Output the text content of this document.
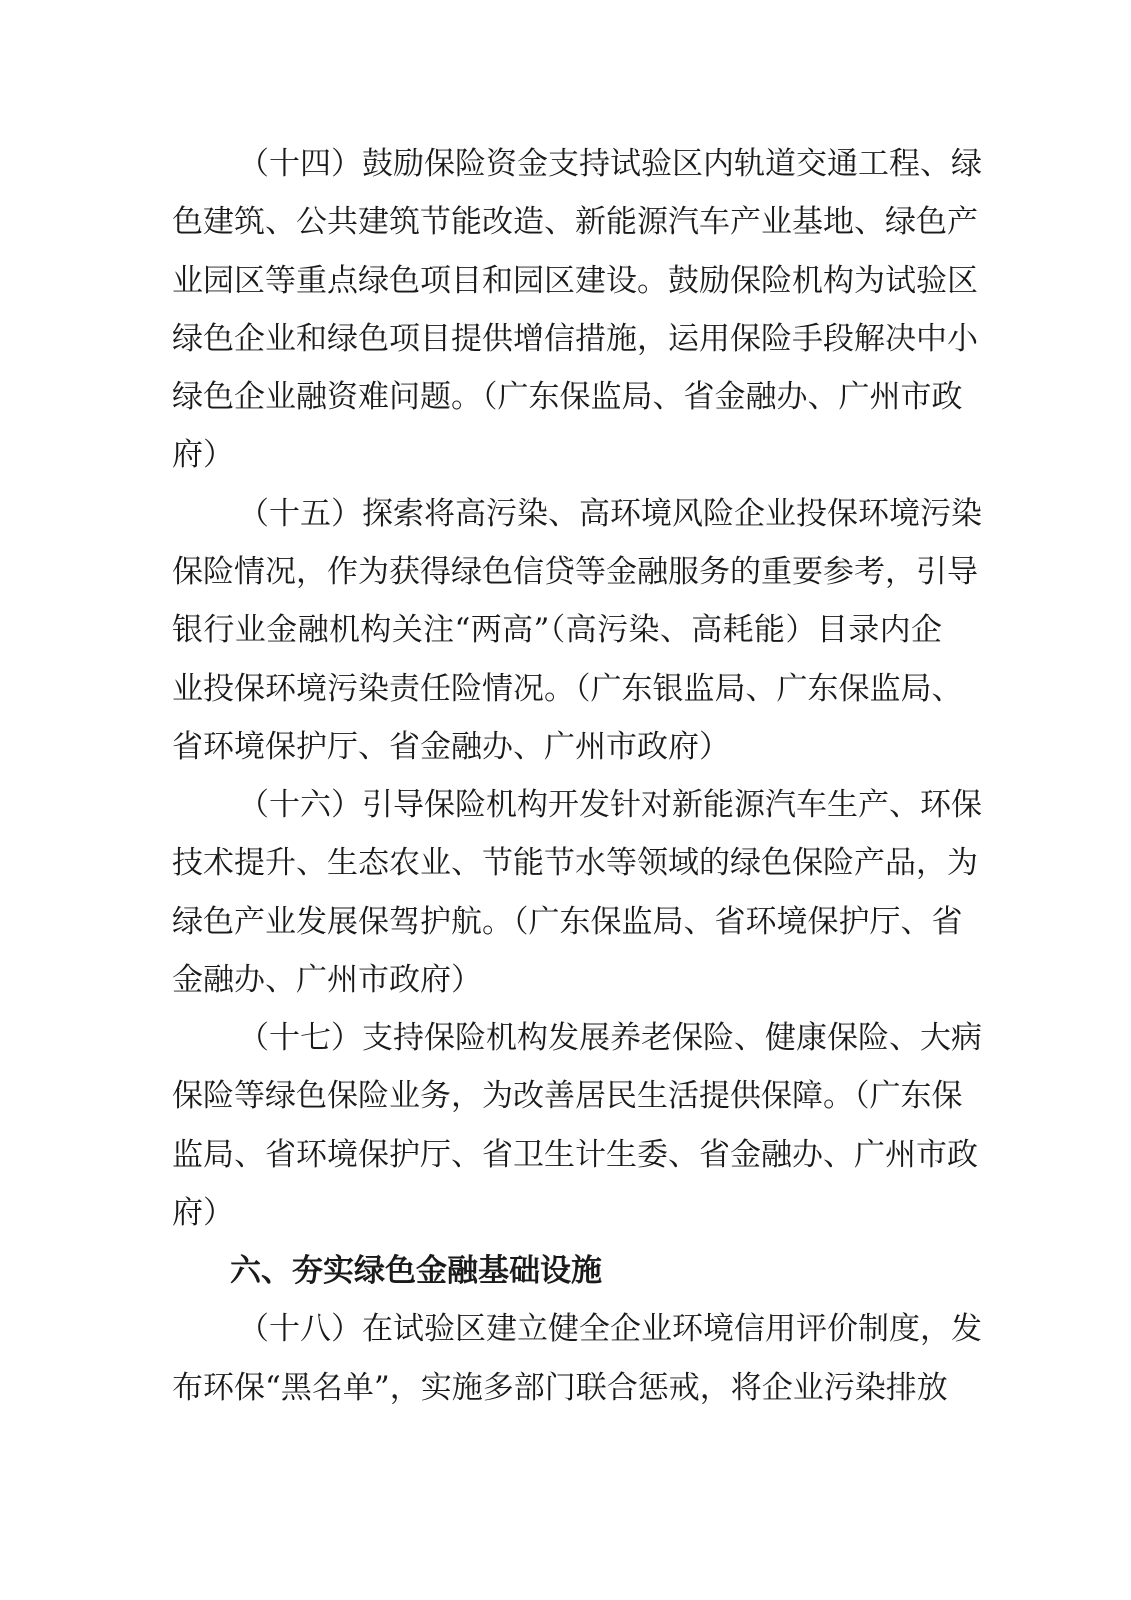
（十四）鼓励保险资金支持试验区内轨道交通工程、绿
色建筑、公共建筑节能改造、新能源汽车产业基地、绿色产
业园区等重点绿色项目和园区建设。鼓励保险机构为试验区
绿色企业和绿色项目提供增信措施，运用保险手段解决中小
绿色企业融资难问题。（广东保监局、省金融办、广州市政
府）
（十五）探索将高污染、高环境风险企业投保环境污染
保险情况，作为获得绿色信贷等金融服务的重要参考，引导
银行业金融机构关注“两高”（高污染、高耗能）目录内企
业投保环境污染责任险情况。（广东银监局、广东保监局、
省环境保护厅、省金融办、广州市政府）
（十六）引导保险机构开发针对新能源汽车生产、环保
技术提升、生态农业、节能节水等领域的绿色保险产品，为
绿色产业发展保驾护航。（广东保监局、省环境保护厅、省
金融办、广州市政府）
（十七）支持保险机构发展养老保险、健康保险、大病
保险等绿色保险业务，为改善居民生活提供保障。（广东保
监局、省环境保护厅、省卫生计生委、省金融办、广州市政
府）
六、夯实绿色金融基础设施
（十八）在试验区建立健全企业环境信用评价制度，发
布环保“黑名单”，实施多部门联合惩戒，将企业污染排放
